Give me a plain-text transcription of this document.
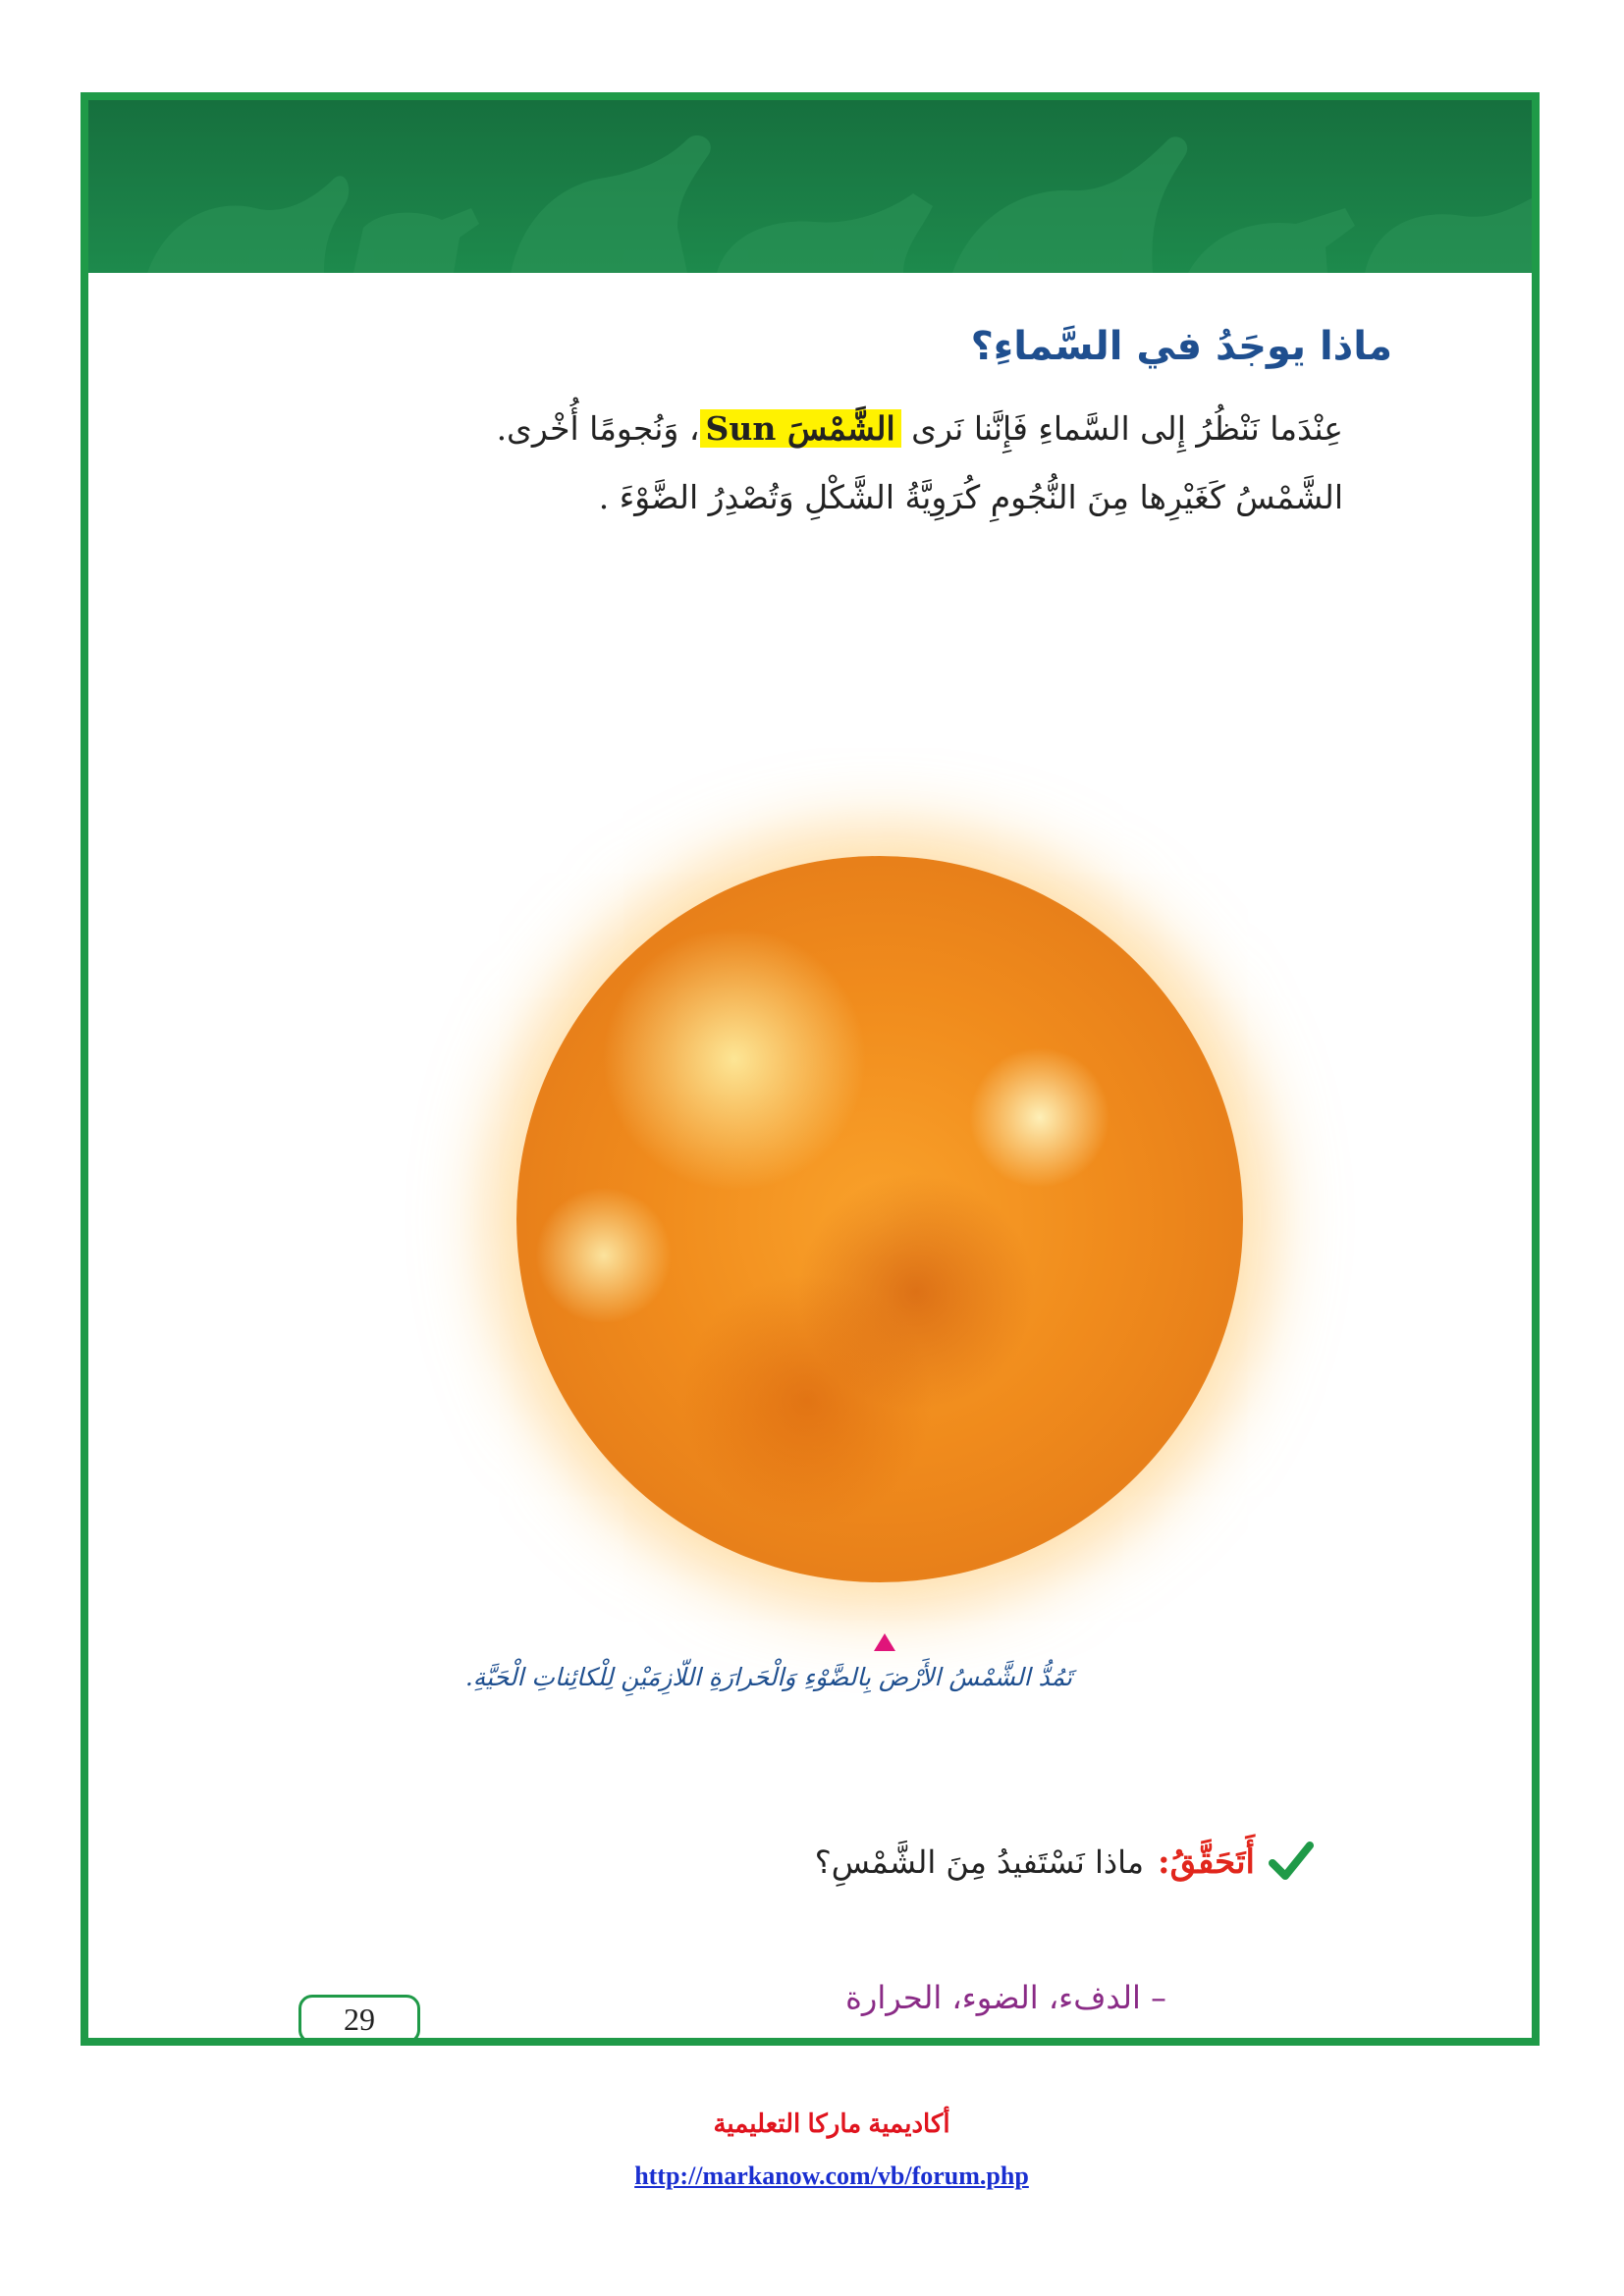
ماذا يوجَدُ في السَّماءِ؟

عِنْدَما نَنْظُرُ إِلى السَّماءِ فَإِنَّنا نَرى الشَّمْسَ Sun، وَنُجومًا أُخْرى.

الشَّمْسُ كَغَيْرِها مِنَ النُّجُومِ كُرَوِيَّةُ الشَّكْلِ وَتُصْدِرُ الضَّوْءَ .

تَمُدُّ الشَّمْسُ الأَرْضَ بِالضَّوْءِ وَالْحَرارَةِ اللّازِمَيْنِ لِلْكائِناتِ الْحَيَّةِ.
أَتَحَقَّقُ:
ماذا نَسْتَفيدُ مِنَ الشَّمْسِ؟
– الدفء، الضوء، الحرارة
29
أكاديمية ماركا التعليمية
http://markanow.com/vb/forum.php
